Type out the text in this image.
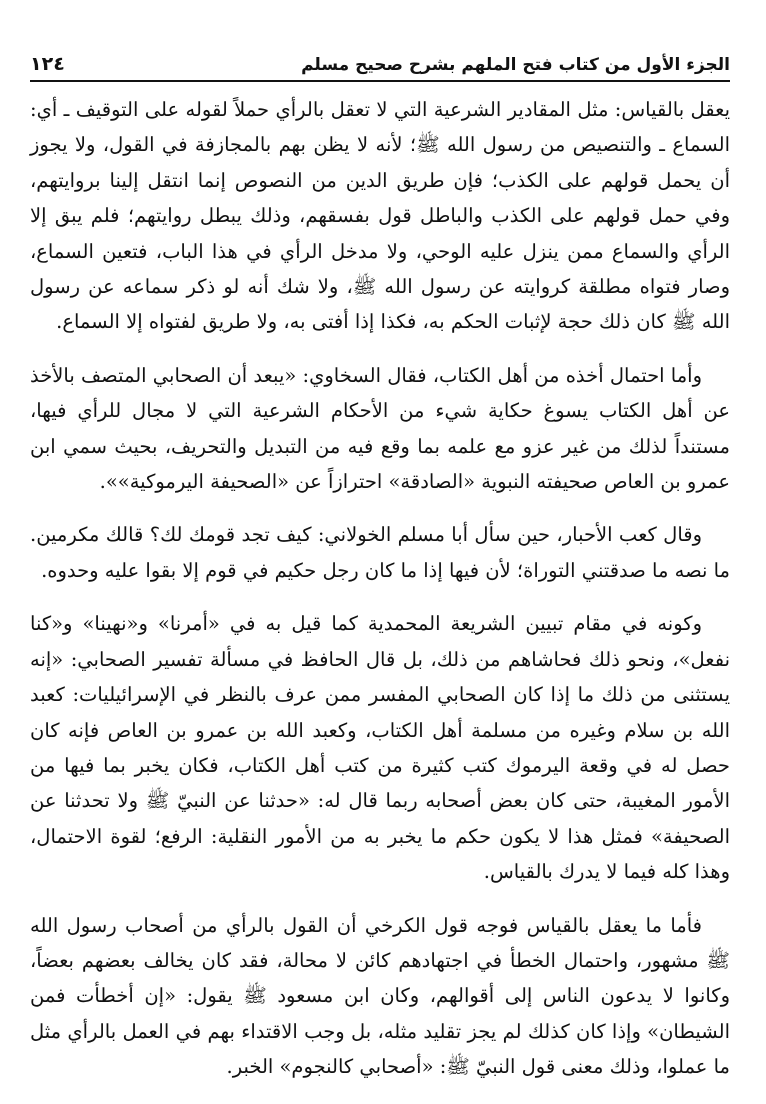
١٢٤	الجزء الأول من كتاب فتح الملهم بشرح صحيح مسلم

يعقل بالقياس: مثل المقادير الشرعية التي لا تعقل بالرأي حملاً لقوله على التوقيف ـ أي: السماع ـ والتنصيص من رسول الله ﷺ؛ لأنه لا يظن بهم بالمجازفة في القول، ولا يجوز أن يحمل قولهم على الكذب؛ فإن طريق الدين من النصوص إنما انتقل إلينا بروايتهم، وفي حمل قولهم على الكذب والباطل قول بفسقهم، وذلك يبطل روايتهم؛ فلم يبق إلا الرأي والسماع ممن ينزل عليه الوحي، ولا مدخل الرأي في هذا الباب، فتعين السماع، وصار فتواه مطلقة كروايته عن رسول الله ﷺ، ولا شك أنه لو ذكر سماعه عن رسول الله ﷺ كان ذلك حجة لإثبات الحكم به، فكذا إذا أفتى به، ولا طريق لفتواه إلا السماع.

وأما احتمال أخذه من أهل الكتاب، فقال السخاوي: «يبعد أن الصحابي المتصف بالأخذ عن أهل الكتاب يسوغ حكاية شيء من الأحكام الشرعية التي لا مجال للرأي فيها، مستنداً لذلك من غير عزو مع علمه بما وقع فيه من التبديل والتحريف، بحيث سمي ابن عمرو بن العاص صحيفته النبوية «الصادقة» احترازاً عن «الصحيفة اليرموكية»».

وقال كعب الأحبار، حين سأل أبا مسلم الخولاني: كيف تجد قومك لك؟ قالك مكرمين. ما نصه ما صدقتني التوراة؛ لأن فيها إذا ما كان رجل حكيم في قوم إلا بقوا عليه وحدوه.

وكونه في مقام تبيين الشريعة المحمدية كما قيل به في «أمرنا» و«نهينا» و«كنا نفعل»، ونحو ذلك فحاشاهم من ذلك، بل قال الحافظ في مسألة تفسير الصحابي: «إنه يستثنى من ذلك ما إذا كان الصحابي المفسر ممن عرف بالنظر في الإسرائيليات: كعبد الله بن سلام وغيره من مسلمة أهل الكتاب، وكعبد الله بن عمرو بن العاص فإنه كان حصل له في وقعة اليرموك كتب كثيرة من كتب أهل الكتاب، فكان يخبر بما فيها من الأمور المغيبة، حتى كان بعض أصحابه ربما قال له: «حدثنا عن النبيّ ﷺ ولا تحدثنا عن الصحيفة» فمثل هذا لا يكون حكم ما يخبر به من الأمور النقلية: الرفع؛ لقوة الاحتمال، وهذا كله فيما لا يدرك بالقياس.

فأما ما يعقل بالقياس فوجه قول الكرخي أن القول بالرأي من أصحاب رسول الله ﷺ مشهور، واحتمال الخطأ في اجتهادهم كائن لا محالة، فقد كان يخالف بعضهم بعضاً، وكانوا لا يدعون الناس إلى أقوالهم، وكان ابن مسعود ﷺ يقول: «إن أخطأت فمن الشيطان» وإذا كان كذلك لم يجز تقليد مثله، بل وجب الاقتداء بهم في العمل بالرأي مثل ما عملوا، وذلك معنى قول النبيّ ﷺ: «أصحابي كالنجوم» الخبر.
